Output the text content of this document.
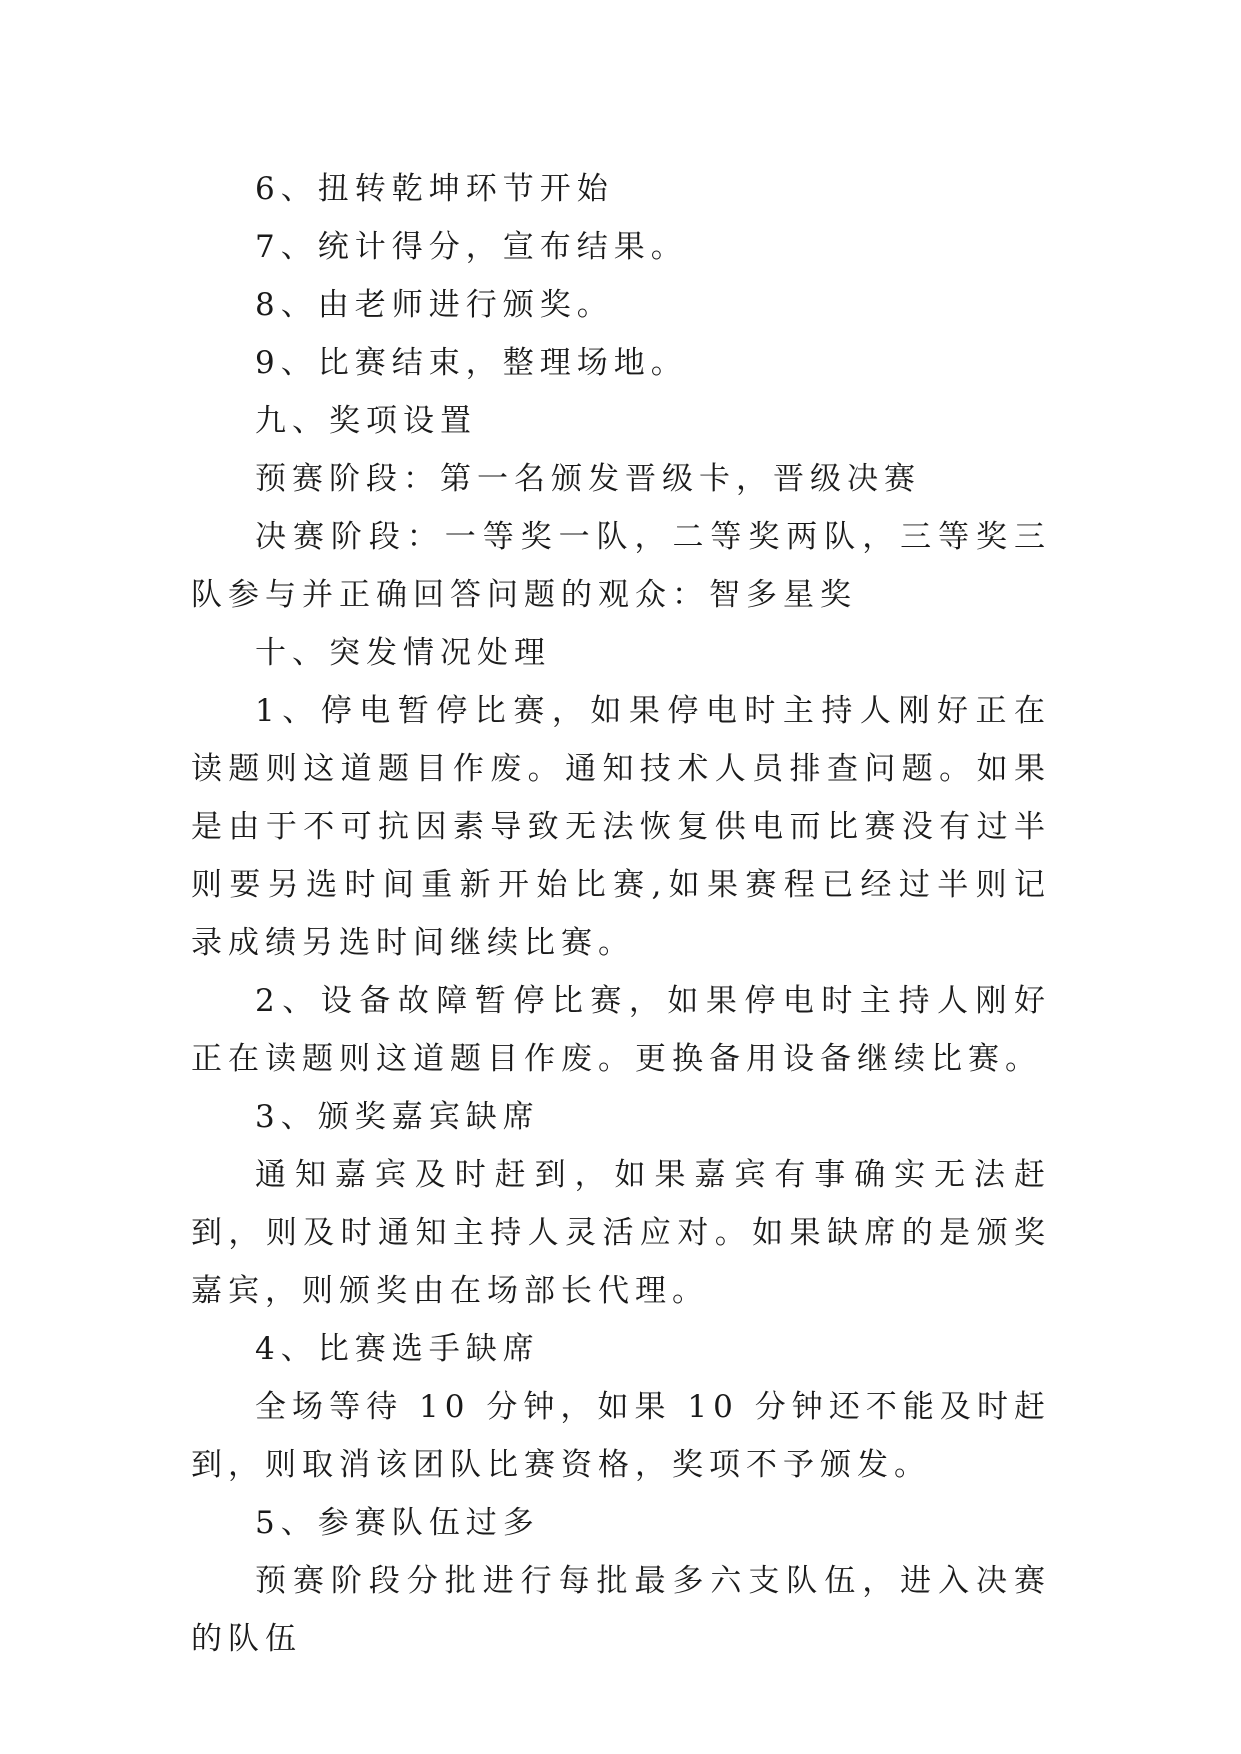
6、扭转乾坤环节开始

7、统计得分，宣布结果。

8、由老师进行颁奖。

9、比赛结束，整理场地。

九、奖项设置

预赛阶段：第一名颁发晋级卡，晋级决赛

决赛阶段：一等奖一队，二等奖两队，三等奖三队参与并正确回答问题的观众：智多星奖

十、突发情况处理

1、停电暂停比赛，如果停电时主持人刚好正在读题则这道题目作废。通知技术人员排查问题。如果是由于不可抗因素导致无法恢复供电而比赛没有过半则要另选时间重新开始比赛,如果赛程已经过半则记录成绩另选时间继续比赛。

2、设备故障暂停比赛，如果停电时主持人刚好正在读题则这道题目作废。更换备用设备继续比赛。

3、颁奖嘉宾缺席

通知嘉宾及时赶到，如果嘉宾有事确实无法赶到，则及时通知主持人灵活应对。如果缺席的是颁奖嘉宾，则颁奖由在场部长代理。

4、比赛选手缺席

全场等待 10 分钟，如果 10 分钟还不能及时赶到，则取消该团队比赛资格，奖项不予颁发。

5、参赛队伍过多

预赛阶段分批进行每批最多六支队伍，进入决赛的队伍
